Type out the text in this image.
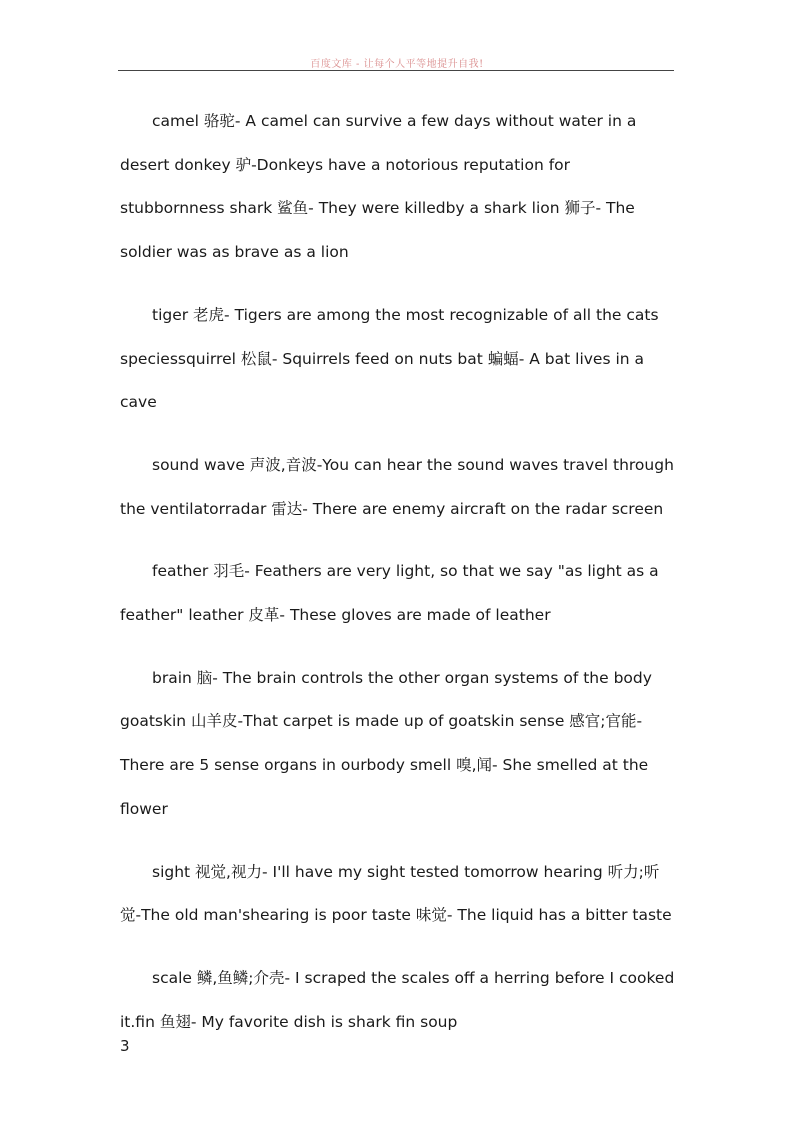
百度文库 - 让每个人平等地提升自我!

camel 骆驼- A camel can survive a few days without water in a desert donkey 驴-Donkeys have a notorious reputation for stubbornness shark 鲨鱼- They were killedby a shark lion 狮子- The soldier was as brave as a lion

tiger 老虎- Tigers are among the most recognizable of all the cats speciessquirrel 松鼠- Squirrels feed on nuts bat 蝙蝠- A bat lives in a cave

sound wave 声波,音波-You can hear the sound waves travel through the ventilatorradar 雷达- There are enemy aircraft on the radar screen

feather 羽毛- Feathers are very light, so that we say "as light as a feather" leather 皮革- These gloves are made of leather

brain 脑- The brain controls the other organ systems of the body goatskin 山羊皮-That carpet is made up of goatskin sense 感官;官能-There are 5 sense organs in ourbody smell 嗅,闻- She smelled at the flower

sight 视觉,视力- I'll have my sight tested tomorrow hearing 听力;听觉-The old man'shearing is poor taste 味觉- The liquid has a bitter taste

scale 鳞,鱼鳞;介壳- I scraped the scales off a herring before I cooked it.fin 鱼翅- My favorite dish is shark fin soup

3
